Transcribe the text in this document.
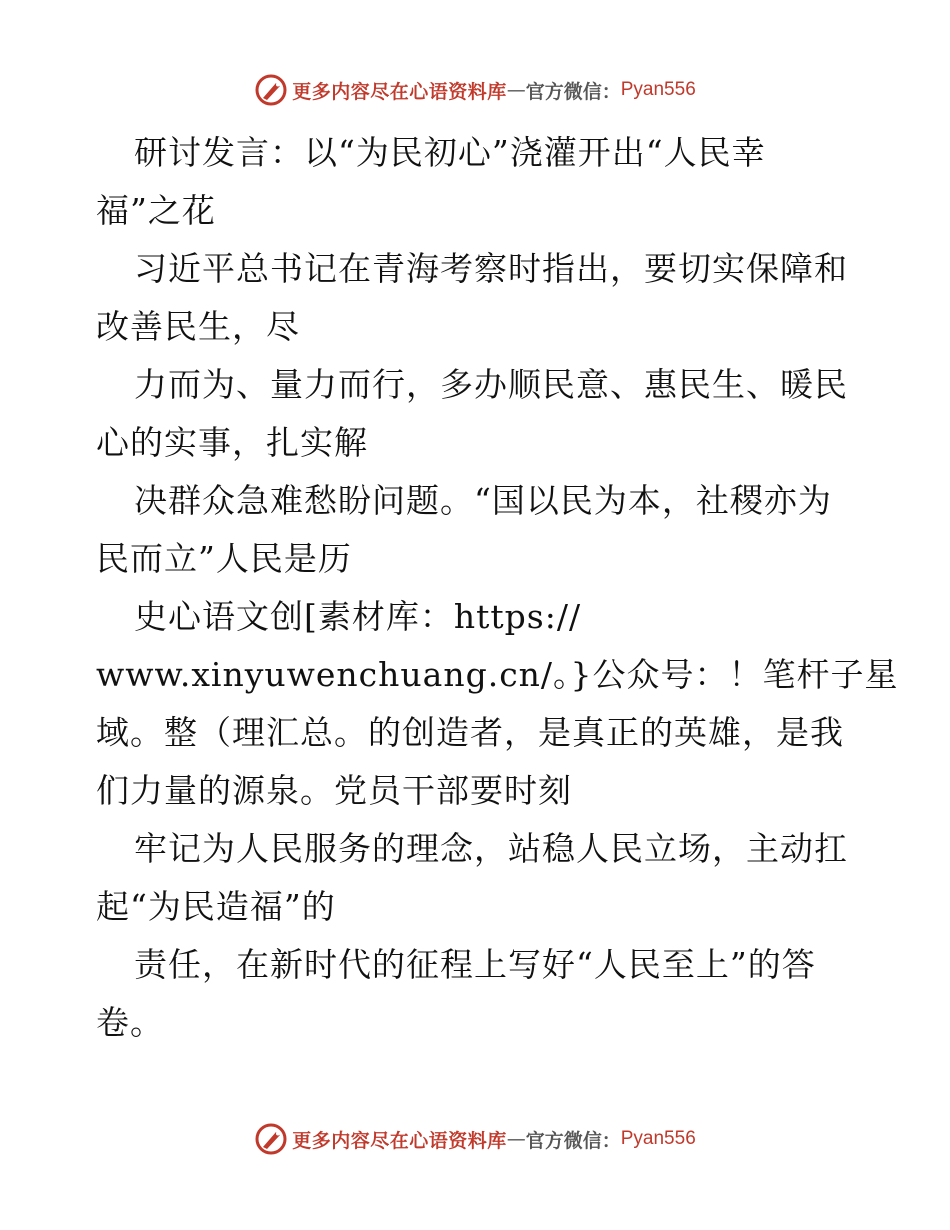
更多内容尽在心语资料库 — 官方微信： Pyan556
研讨发言：以“为民初心”浇灌开出“人民幸
福”之花
习近平总书记在青海考察时指出，要切实保障和
改善民生，尽
力而为、量力而行，多办顺民意、惠民生、暖民
心的实事，扎实解
决群众急难愁盼问题。“国以民为本，社稷亦为
民而立”人民是历
史心语文创[素材库：https://
www.xinyuwenchuang.cn/。}公众号：！笔杆子星
域。整（理汇总。的创造者，是真正的英雄，是我
们力量的源泉。党员干部要时刻
牢记为人民服务的理念，站稳人民立场，主动扛
起“为民造福”的
责任，在新时代的征程上写好“人民至上”的答
卷。
更多内容尽在心语资料库 — 官方微信： Pyan556
